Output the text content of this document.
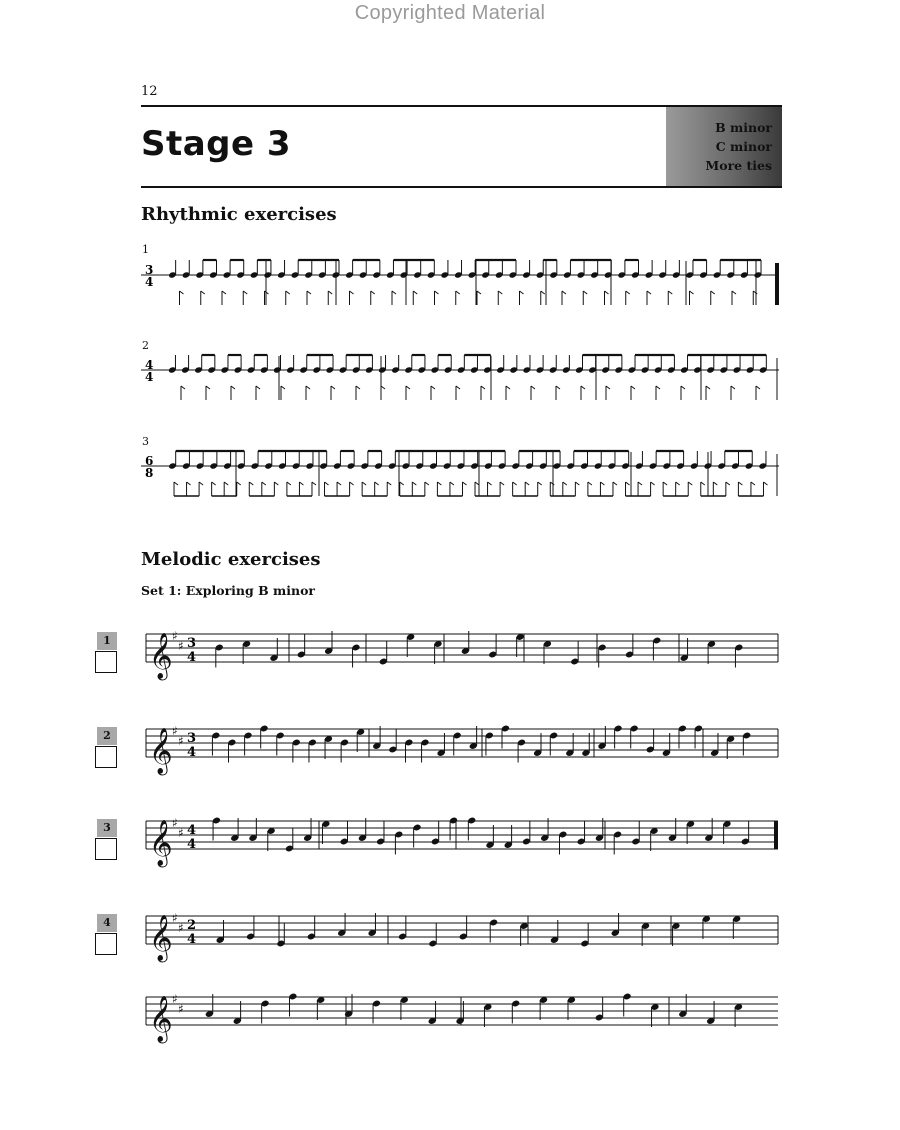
Copyrighted Material
12
Stage 3	B minor
C minor
More ties
Rhythmic exercises
1
3
4
2
4
4
3
6
8
Melodic exercises
Set 1: Exploring B minor
1	3
4
𝄞 ♯
♯
2	3
4
𝄞 ♯
♯
3	4
4
𝄞 ♯
♯
4	2
4
𝄞 ♯
♯
𝄞 ♯
♯
